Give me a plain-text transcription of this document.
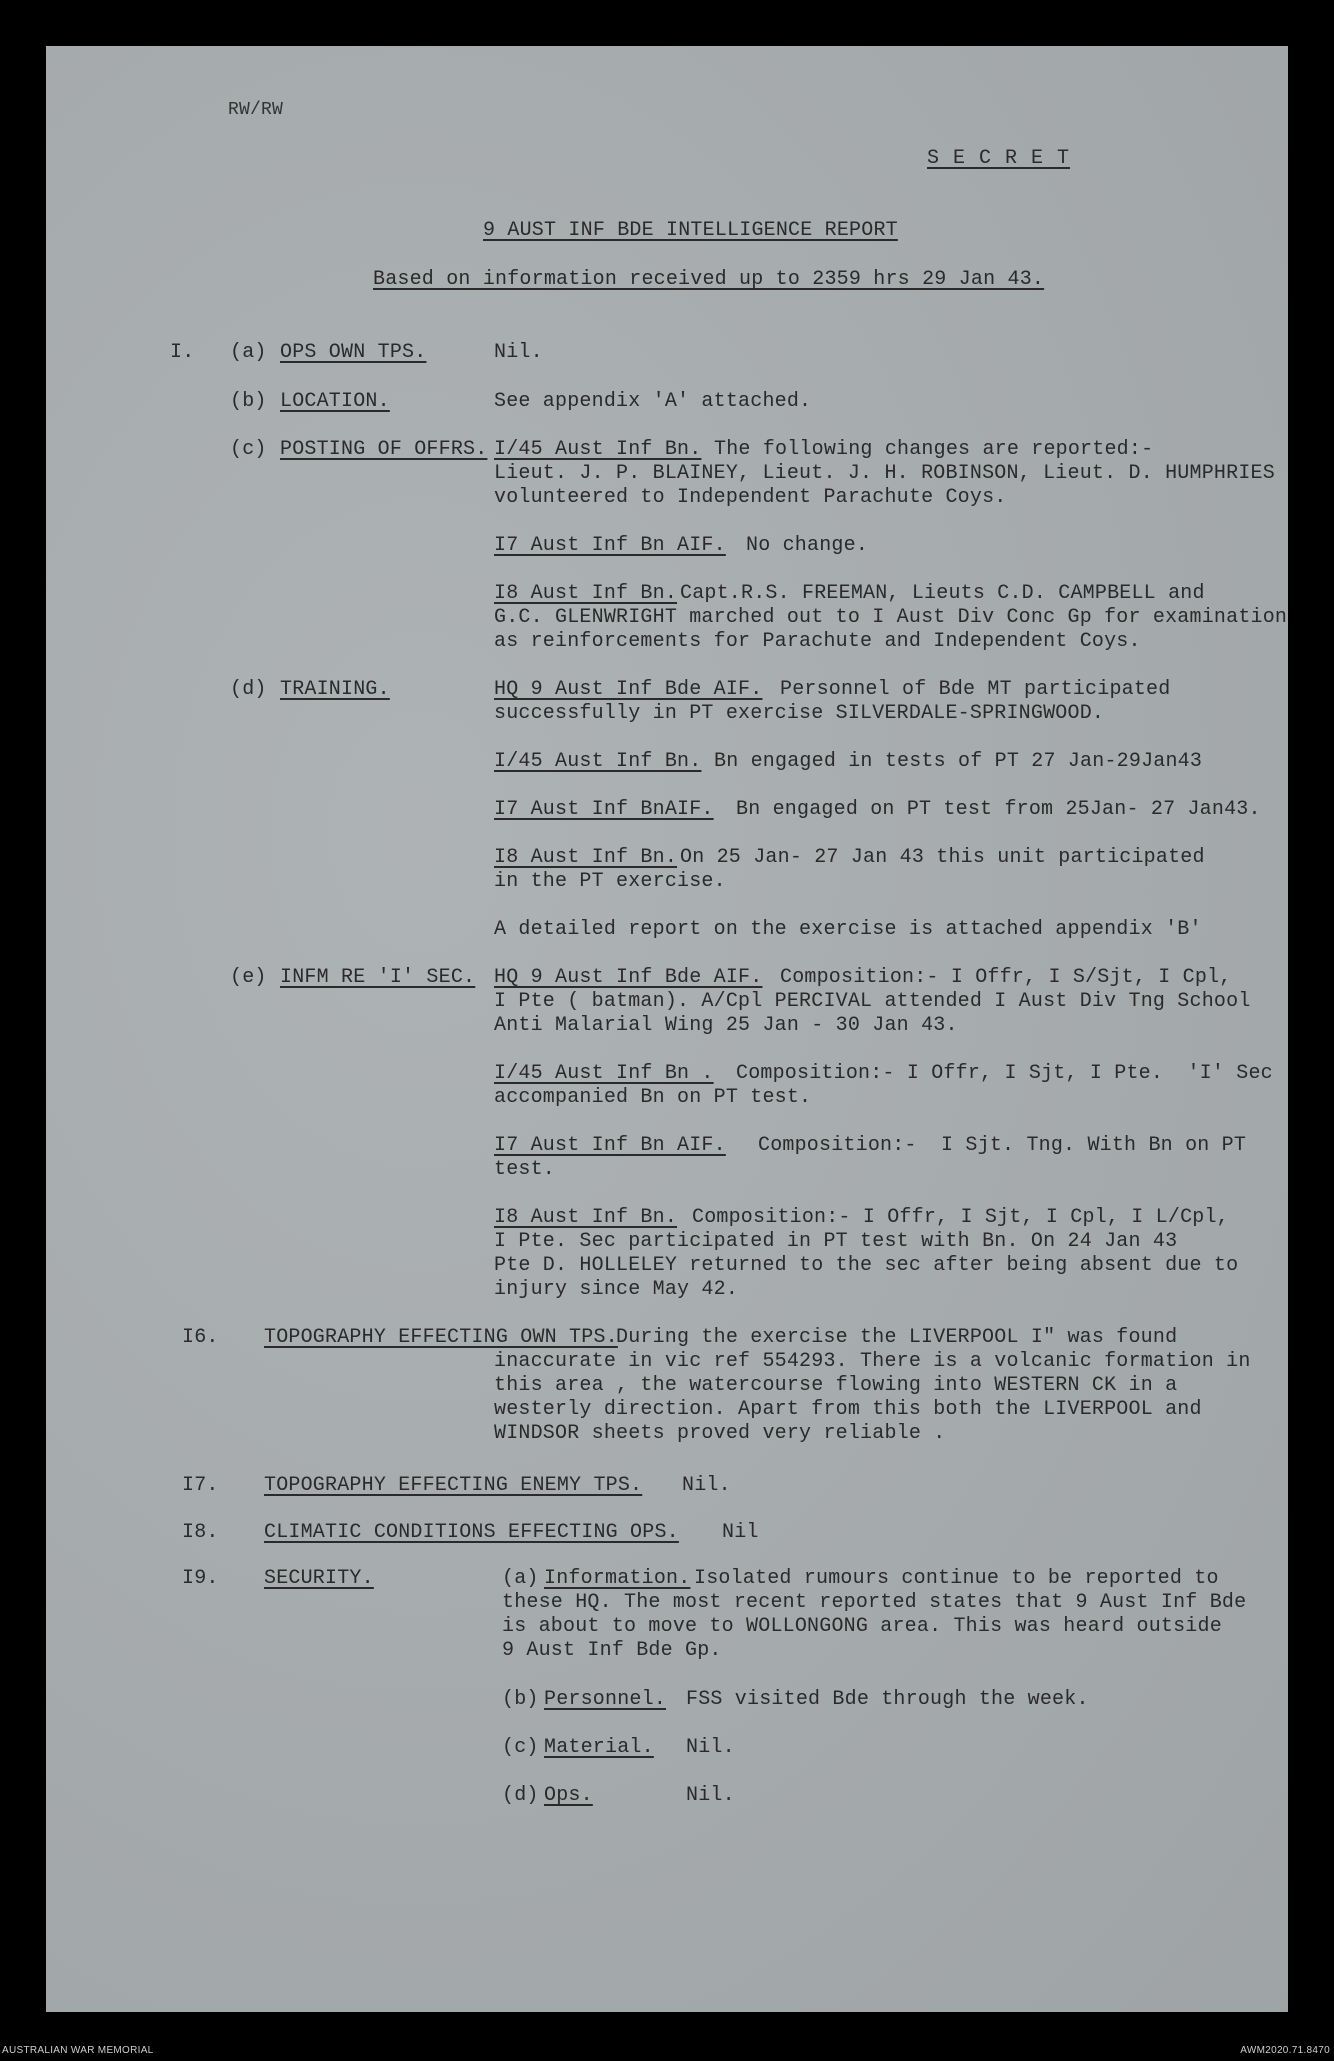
RW/RW
S E C R E T
9 AUST INF BDE INTELLIGENCE REPORT
Based on information received up to 2359 hrs 29 Jan 43.
I. (a) OPS OWN TPS.	Nil.
(b) LOCATION.	See appendix 'A' attached.
(c) POSTING OF OFFRS. I/45 Aust Inf Bn. The following changes are reported:-
Lieut. J. P. BLAINEY, Lieut. J. H. ROBINSON, Lieut. D. HUMPHRIES
volunteered to Independent Parachute Coys.
I7 Aust Inf Bn AIF. No change.
I8 Aust Inf Bn. Capt.R.S. FREEMAN, Lieuts C.D. CAMPBELL and
G.C. GLENWRIGHT marched out to I Aust Div Conc Gp for examination
as reinforcements for Parachute and Independent Coys.
(d) TRAINING.	HQ 9 Aust Inf Bde AIF. Personnel of Bde MT participated
successfully in PT exercise SILVERDALE-SPRINGWOOD.
I/45 Aust Inf Bn. Bn engaged in tests of PT 27 Jan-29Jan43
I7 Aust Inf BnAIF. Bn engaged on PT test from 25Jan- 27 Jan43.
I8 Aust Inf Bn. On 25 Jan- 27 Jan 43 this unit participated
in the PT exercise.
A detailed report on the exercise is attached appendix 'B'
(e) INFM RE 'I' SEC. HQ 9 Aust Inf Bde AIF. Composition:- I Offr, I S/Sjt, I Cpl,
I Pte ( batman). A/Cpl PERCIVAL attended I Aust Div Tng School
Anti Malarial Wing 25 Jan - 30 Jan 43.
I/45 Aust Inf Bn . Composition:- I Offr, I Sjt, I Pte.  'I' Sec
accompanied Bn on PT test.
I7 Aust Inf Bn AIF. Composition:-  I Sjt. Tng. With Bn on PT
test.
I8 Aust Inf Bn. Composition:- I Offr, I Sjt, I Cpl, I L/Cpl,
I Pte. Sec participated in PT test with Bn. On 24 Jan 43
Pte D. HOLLELEY returned to the sec after being absent due to
injury since May 42.
I6. TOPOGRAPHY EFFECTING OWN TPS.
During the exercise the LIVERPOOL I" was found
inaccurate in vic ref 554293. There is a volcanic formation in
this area , the watercourse flowing into WESTERN CK in a
westerly direction. Apart from this both the LIVERPOOL and
WINDSOR sheets proved very reliable .
I7. TOPOGRAPHY EFFECTING ENEMY TPS. Nil.
I8. CLIMATIC CONDITIONS EFFECTING OPS. Nil
I9. SECURITY.	(a) Information. Isolated rumours continue to be reported to
these HQ. The most recent reported states that 9 Aust Inf Bde
is about to move to WOLLONGONG area. This was heard outside
9 Aust Inf Bde Gp.
(b) Personnel. FSS visited Bde through the week.
(c) Material. Nil.
(d) Ops.	Nil.
AUSTRALIAN WAR MEMORIAL	AWM2020.71.8470
